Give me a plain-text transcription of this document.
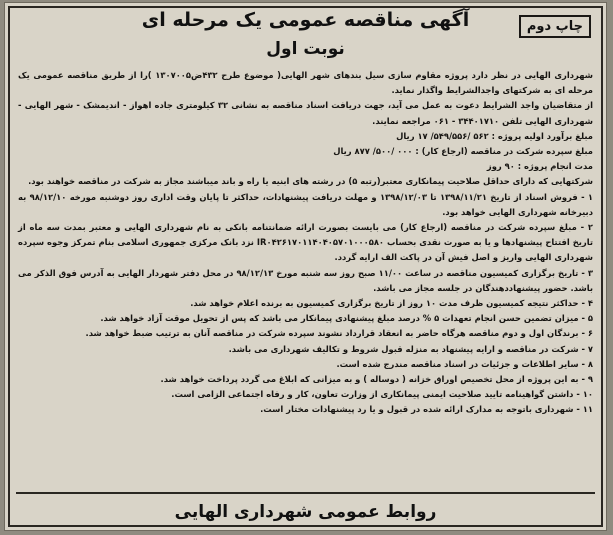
چاپ دوم
آگهی مناقصه عمومی یک مرحله ای
نوبت اول

شهرداری الهایی در نظر دارد پروژه مقاوم سازی سیل بندهای شهر الهایی( موضوع طرح ۴۳۲ض۱۳۰۷۰۰۵ )را از طریق مناقصه عمومی یک مرحله ای به شرکتهای واجدالشرایط واگذار نماید.

از متقاضیان واجد الشرایط دعوت به عمل می آید، جهت دریافت اسناد مناقصه به نشانی ۳۲ کیلومتری جاده اهواز - اندیمشک - شهر الهایی - شهرداری الهایی تلفن ۳۴۴۰۱۷۱۰ - ۰۶۱ مراجعه نمایند.

مبلغ برآورد اولیه پروژه : ۵۶۲ /۵۴۹/۵۵۶/ ۱۷ ریال

مبلغ سپرده شرکت در مناقصه (ارجاع کار) : ۰۰۰ /۵۰۰/ ۸۷۷ ریال

مدت انجام پروژه : ۹۰ روز

شرکتهایی که دارای حداقل صلاحیت پیمانکاری معتبر(رتبه ۵) در رشته های ابنیه یا راه و باند میباشند مجاز به شرکت در مناقصه خواهند بود.

۱ - فروش اسناد از تاریخ ۱۳۹۸/۱۱/۲۱ تا ۱۳۹۸/۱۲/۰۳ و مهلت دریافت پیشنهادات، حداکثر تا پایان وقت اداری روز دوشنبه مورخه ۹۸/۱۲/۱۰ به دبیرخانه شهرداری الهایی خواهد بود.

۲ - مبلغ سپرده شرکت در مناقصه (ارجاع کار) می بایست بصورت ارائه ضمانتنامه بانکی به نام شهرداری الهایی و معتبر بمدت سه ماه از تاریخ افتتاح پیشنهادها و یا به صورت نقدی بحساب IR۰۴۲۶۱۷۰۱۱۴۰۴۰۵۷۰۱۰۰۰۵۸۰ نزد بانک مرکزی جمهوری اسلامی بنام تمرکز وجوه سپرده شهرداری الهایی واریز و اصل فیش آن در پاکت الف ارایه گردد.

۳ - تاریخ برگزاری کمیسیون مناقصه در ساعت ۱۱/۰۰ صبح روز سه شنبه مورخ ۹۸/۱۲/۱۳ در محل دفتر شهردار الهایی به آدرس فوق الذکر می باشد. حضور پیشنهاددهندگان در جلسه مجاز می باشد.

۴ - حداکثر نتیجه کمیسیون ظرف مدت ۱۰ روز از تاریخ برگزاری کمیسیون به برنده اعلام خواهد شد.

۵ - میزان تضمین حسن انجام تعهدات ۵ % درصد مبلغ پیشنهادی پیمانکار می باشد که پس از تحویل موقت آزاد خواهد شد.

۶ - برندگان اول و دوم مناقصه هرگاه حاضر به انعقاد قرارداد نشوند سپرده شرکت در مناقصه آنان به ترتیب ضبط خواهد شد.

۷ - شرکت در مناقصه و ارایه پیشنهاد به منزله قبول شروط و تکالیف شهرداری می باشد.

۸ - سایر اطلاعات و جزئیات در اسناد مناقصه مندرج شده است.

۹ - به این پروژه از محل تخصیص اوراق خزانه ( دوساله ) و به میزانی که ابلاغ می گردد پرداخت خواهد شد.

۱۰ - داشتن گواهینامه تایید صلاحیت ایمنی پیمانکاری از وزارت تعاون، کار و رفاه اجتماعی الزامی است.

۱۱ - شهرداری باتوجه به مدارک ارائه شده در قبول و یا رد پیشنهادات مختار است.

روابط عمومی شهرداری الهایی
